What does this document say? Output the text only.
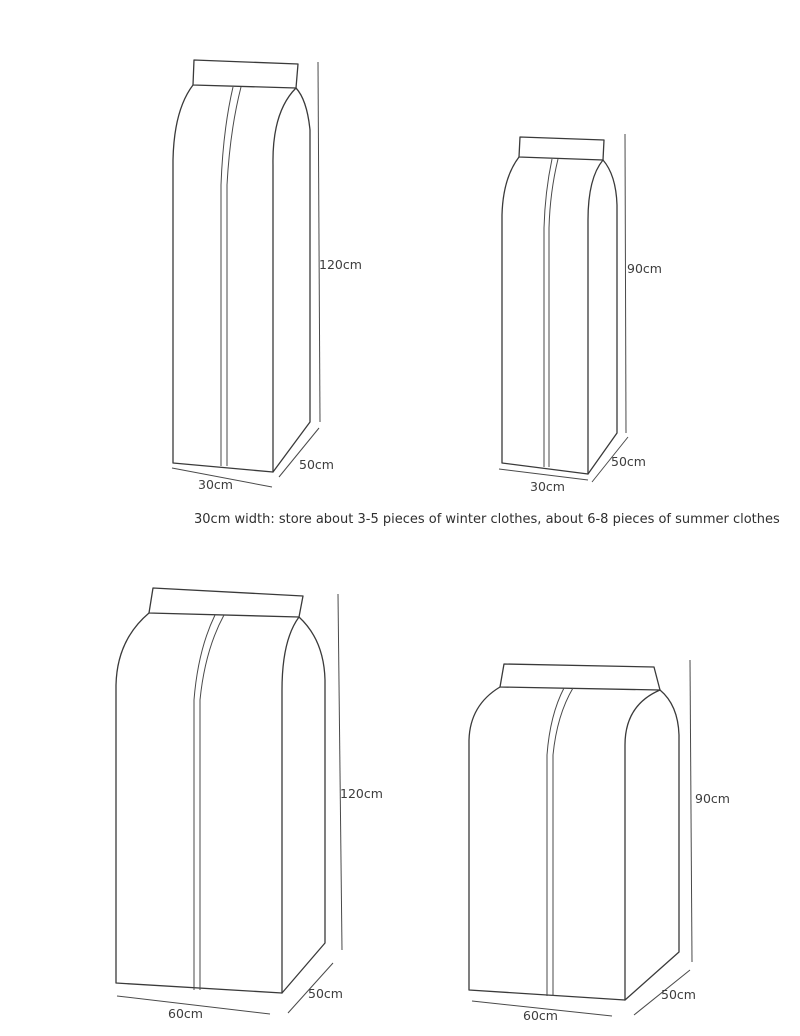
120cm
30cm
50cm
90cm
30cm
50cm
120cm
60cm
50cm
90cm
60cm
50cm
30cm width: store about 3-5 pieces of winter clothes, about 6-8 pieces of summer clothes
